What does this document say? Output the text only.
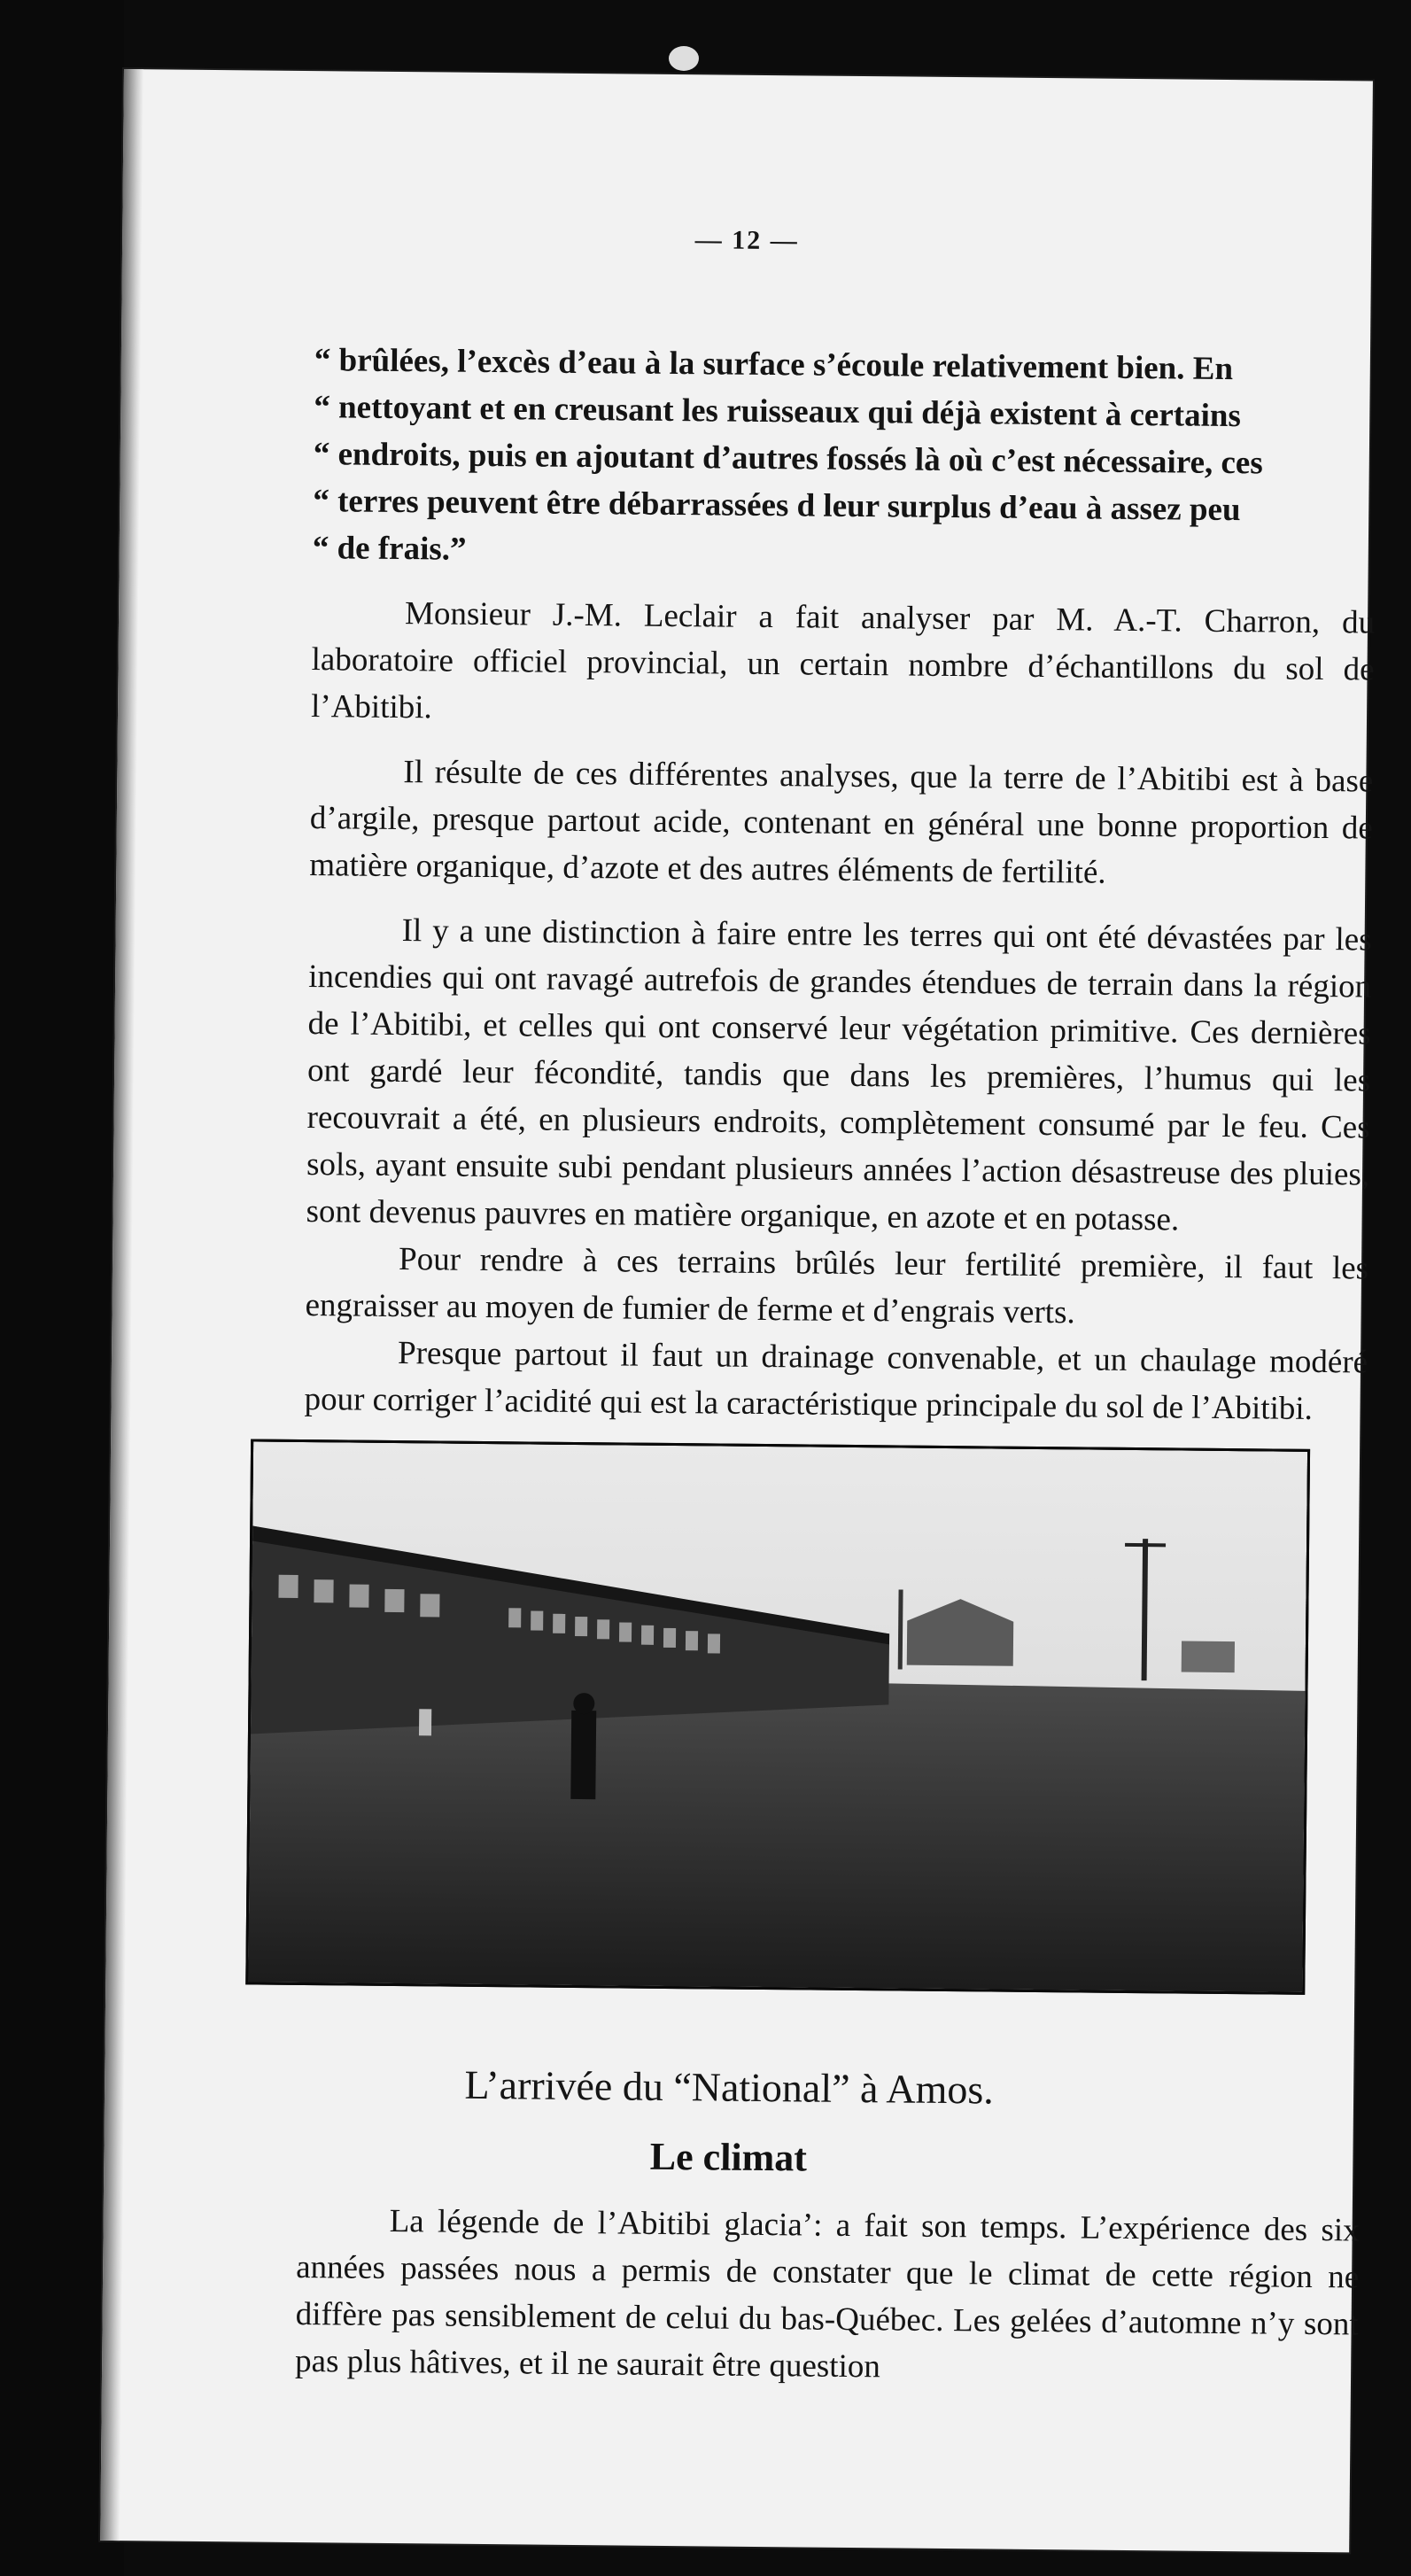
— 12 —

“ brûlées, l’excès d’eau à la surface s’écoule relativement bien. En
“ nettoyant et en creusant les ruisseaux qui déjà existent à certains
“ endroits, puis en ajoutant d’autres fossés là où c’est nécessaire, ces
“ terres peuvent être débarrassées d leur surplus d’eau à assez peu
“ de frais.”

Monsieur J.-M. Leclair a fait analyser par M. A.-T. Charron, du laboratoire officiel provincial, un certain nombre d’échantillons du sol de l’Abitibi.

Il résulte de ces différentes analyses, que la terre de l’Abitibi est à base d’argile, presque partout acide, contenant en général une bonne proportion de matière organique, d’azote et des autres éléments de fertilité.

Il y a une distinction à faire entre les terres qui ont été dévastées par les incendies qui ont ravagé autrefois de grandes étendues de terrain dans la région de l’Abitibi, et celles qui ont conservé leur végétation primitive. Ces dernières ont gardé leur fécondité, tandis que dans les premières, l’humus qui les recouvrait a été, en plusieurs endroits, complètement consumé par le feu. Ces sols, ayant ensuite subi pendant plusieurs années l’action désastreuse des pluies, sont devenus pauvres en matière organique, en azote et en potasse.

Pour rendre à ces terrains brûlés leur fertilité première, il faut les engraisser au moyen de fumier de ferme et d’engrais verts.

Presque partout il faut un drainage convenable, et un chaulage modéré pour corriger l’acidité qui est la caractéristique principale du sol de l’Abitibi.

L’arrivée du “National” à Amos.
Le climat

La légende de l’Abitibi glacia’: a fait son temps. L’expérience des six années passées nous a permis de constater que le climat de cette région ne diffère pas sensiblement de celui du bas-Québec. Les gelées d’automne n’y sont pas plus hâtives, et il ne saurait être question
